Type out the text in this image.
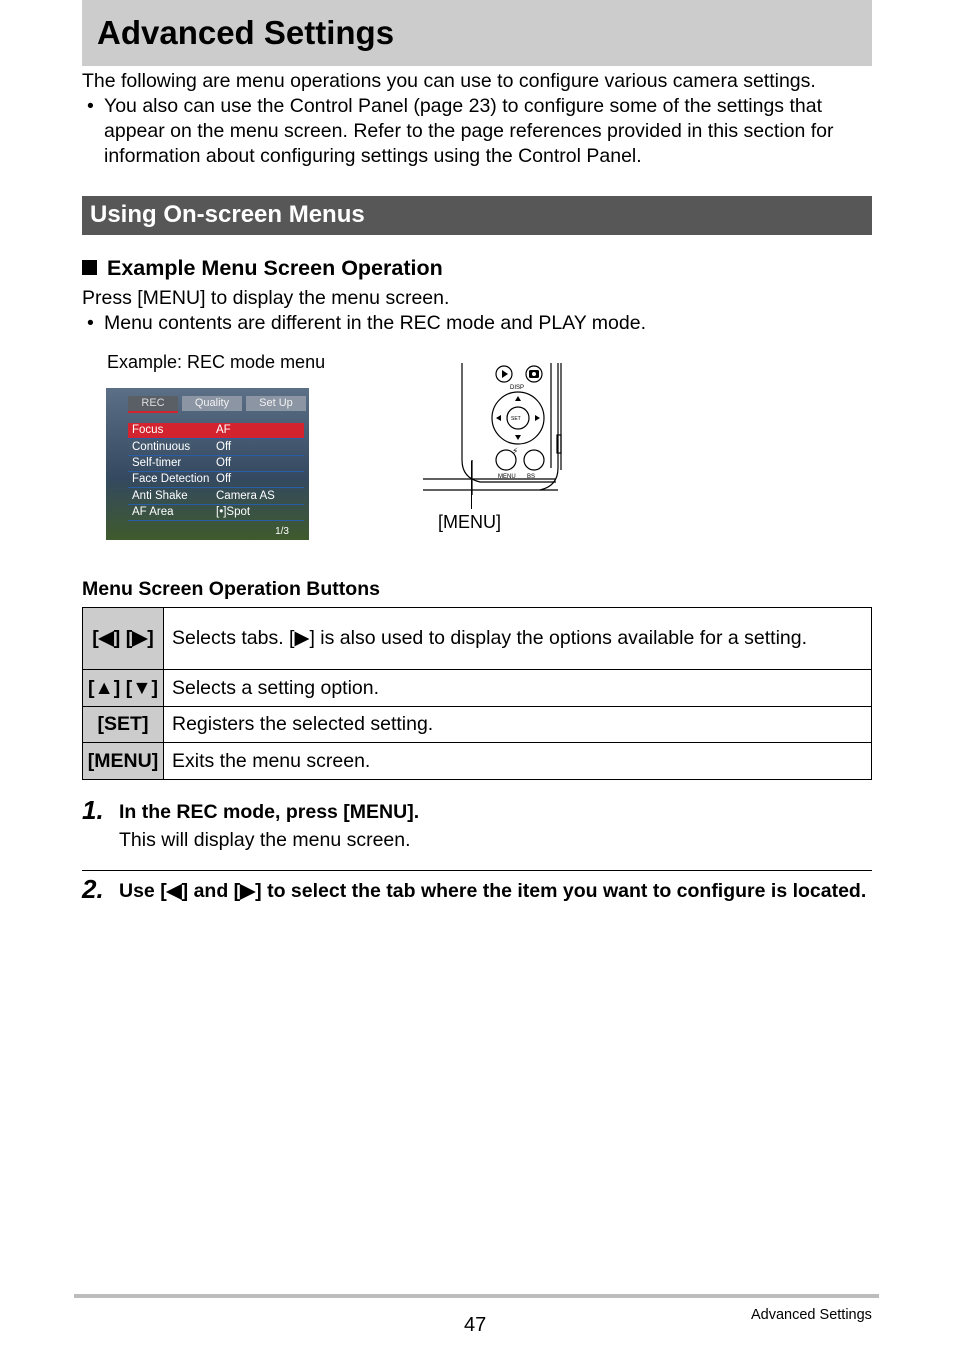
Advanced Settings
The following are menu operations you can use to configure various camera settings.
• You also can use the Control Panel (page 23) to configure some of the settings that appear on the menu screen. Refer to the page references provided in this section for information about configuring settings using the Control Panel.
Using On-screen Menus
Example Menu Screen Operation
Press [MENU] to display the menu screen.
• Menu contents are different in the REC mode and PLAY mode.
Example: REC mode menu
REC	Quality	Set Up
Focus	AF
Continuous Off
Self-timer	Off
Face Detection Off
Anti Shake Camera AS
AF Area	[•]Spot
1/3
DISP
SET
MENU BS
⚡
[MENU]
Menu Screen Operation Buttons
[◀] [▶]	Selects tabs. [▶] is also used to display the options available for a setting.
[▲] [▼]	Selects a setting option.
[SET]	Registers the selected setting.
[MENU]	Exits the menu screen.
1. In the REC mode, press [MENU].
This will display the menu screen.
2. Use [◀] and [▶] to select the tab where the item you want to configure is located.
47	Advanced Settings
